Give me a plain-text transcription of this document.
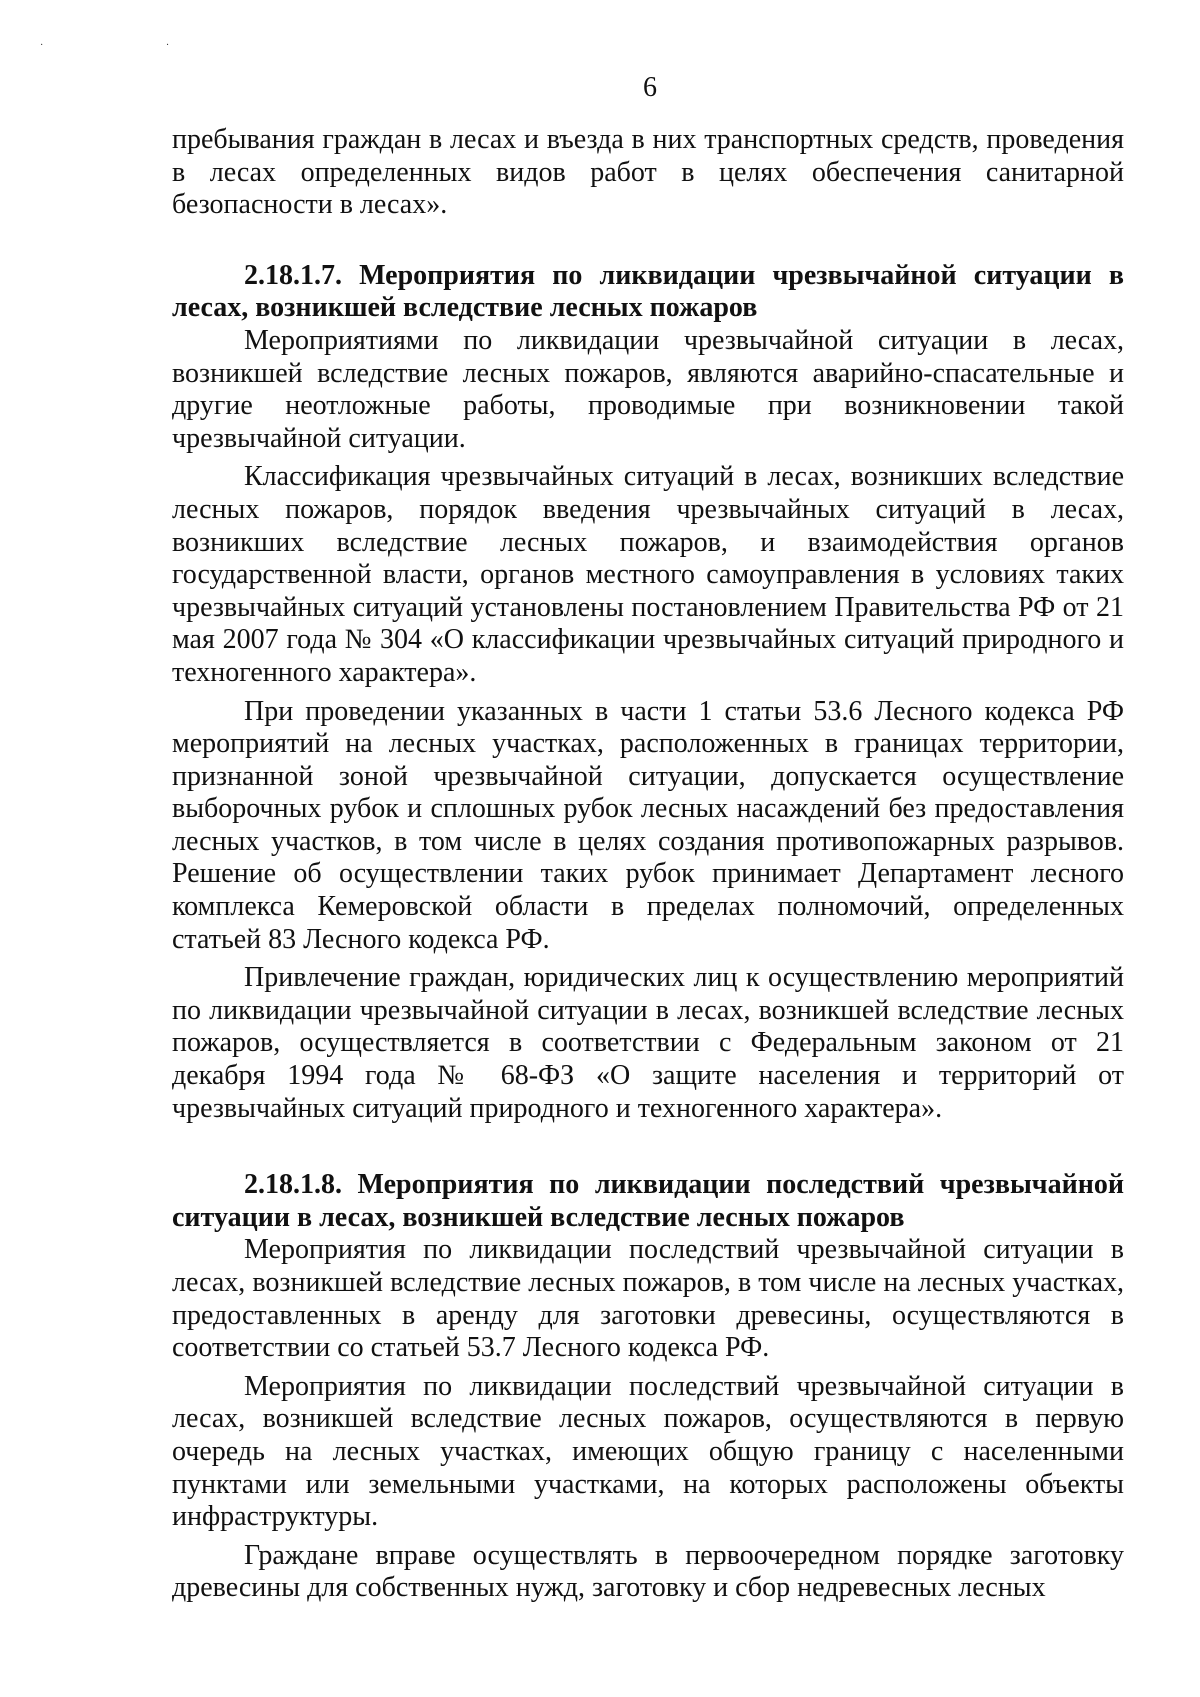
· ·
6

пребывания граждан в лесах и въезда в них транспортных средств, проведения в лесах определенных видов работ в целях обеспечения санитарной безопасности в лесах».

2.18.1.7. Мероприятия по ликвидации чрезвычайной ситуации в лесах, возникшей вследствие лесных пожаров

Мероприятиями по ликвидации чрезвычайной ситуации в лесах, возникшей вследствие лесных пожаров, являются аварийно-спасательные и другие неотложные работы, проводимые при возникновении такой чрезвычайной ситуации.

Классификация чрезвычайных ситуаций в лесах, возникших вследствие лесных пожаров, порядок введения чрезвычайных ситуаций в лесах, возникших вследствие лесных пожаров, и взаимодействия органов государственной власти, органов местного самоуправления в условиях таких чрезвычайных ситуаций установлены постановлением Правительства РФ от 21 мая 2007 года № 304 «О классификации чрезвычайных ситуаций природного и техногенного характера».

При проведении указанных в части 1 статьи 53.6 Лесного кодекса РФ мероприятий на лесных участках, расположенных в границах территории, признанной зоной чрезвычайной ситуации, допускается осуществление выборочных рубок и сплошных рубок лесных насаждений без предоставления лесных участков, в том числе в целях создания противопожарных разрывов. Решение об осуществлении таких рубок принимает Департамент лесного комплекса Кемеровской области в пределах полномочий, определенных статьей 83 Лесного кодекса РФ.

Привлечение граждан, юридических лиц к осуществлению мероприятий по ликвидации чрезвычайной ситуации в лесах, возникшей вследствие лесных пожаров, осуществляется в соответствии с Федеральным законом от 21 декабря 1994 года № 68-ФЗ «О защите населения и территорий от чрезвычайных ситуаций природного и техногенного характера».

2.18.1.8. Мероприятия по ликвидации последствий чрезвычайной ситуации в лесах, возникшей вследствие лесных пожаров

Мероприятия по ликвидации последствий чрезвычайной ситуации в лесах, возникшей вследствие лесных пожаров, в том числе на лесных участках, предоставленных в аренду для заготовки древесины, осуществляются в соответствии со статьей 53.7 Лесного кодекса РФ.

Мероприятия по ликвидации последствий чрезвычайной ситуации в лесах, возникшей вследствие лесных пожаров, осуществляются в первую очередь на лесных участках, имеющих общую границу с населенными пунктами или земельными участками, на которых расположены объекты инфраструктуры.

Граждане вправе осуществлять в первоочередном порядке заготовку древесины для собственных нужд, заготовку и сбор недревесных лесных
